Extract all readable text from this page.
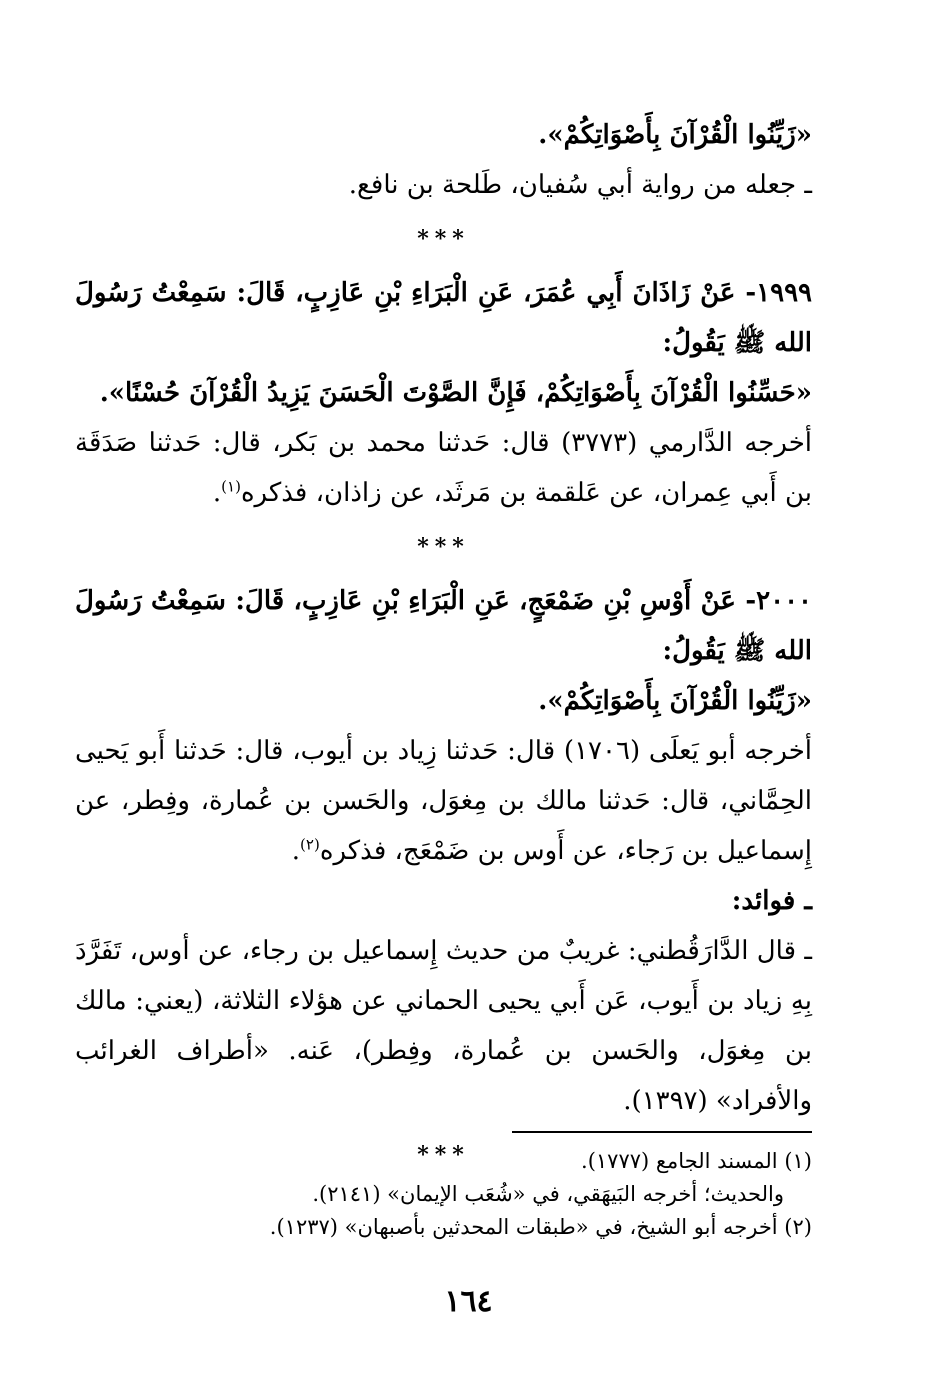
«زَيِّنُوا الْقُرْآنَ بِأَصْوَاتِكُمْ».

ـ جعله من رواية أبي سُفيان، طَلحة بن نافع.

***

١٩٩٩- عَنْ زَاذَانَ أَبِي عُمَرَ، عَنِ الْبَرَاءِ بْنِ عَازِبٍ، قَالَ: سَمِعْتُ رَسُولَ الله ﷺ يَقُولُ:

«حَسِّنُوا الْقُرْآنَ بِأَصْوَاتِكُمْ، فَإِنَّ الصَّوْتَ الْحَسَنَ يَزِيدُ الْقُرْآنَ حُسْنًا».

أخرجه الدَّارمي (٣٧٧٣) قال: حَدثنا محمد بن بَكر، قال: حَدثنا صَدَقَة بن أَبي عِمران، عن عَلقمة بن مَرثَد، عن زاذان، فذكره$^{(١)}$.

***

٢٠٠٠- عَنْ أَوْسِ بْنِ ضَمْعَجٍ، عَنِ الْبَرَاءِ بْنِ عَازِبٍ، قَالَ: سَمِعْتُ رَسُولَ الله ﷺ يَقُولُ:

«زَيِّنُوا الْقُرْآنَ بِأَصْوَاتِكُمْ».

أخرجه أبو يَعلَى (١٧٠٦) قال: حَدثنا زِياد بن أيوب، قال: حَدثنا أَبو يَحيى الحِمَّاني، قال: حَدثنا مالك بن مِغوَل، والحَسن بن عُمارة، وفِطر، عن إِسماعيل بن رَجاء، عن أَوس بن ضَمْعَج، فذكره$^{(٢)}$.

ـ فوائد:

ـ قال الدَّارَقُطني: غريبٌ من حديث إِسماعيل بن رجاء، عن أوس، تَفَرَّدَ بِهِ زياد بن أَيوب، عَن أَبي يحيى الحماني عن هؤلاء الثلاثة، (يعني: مالك بن مِغوَل، والحَسن بن عُمارة، وفِطر)، عَنه. «أطراف الغرائب والأفراد» (١٣٩٧).

***	(١) المسند الجامع (١٧٧٧).

والحديث؛ أخرجه البَيهَقي، في «شُعَب الإيمان» (٢١٤١).

(٢) أخرجه أبو الشيخ، في «طبقات المحدثين بأصبهان» (١٢٣٧).

١٦٤
